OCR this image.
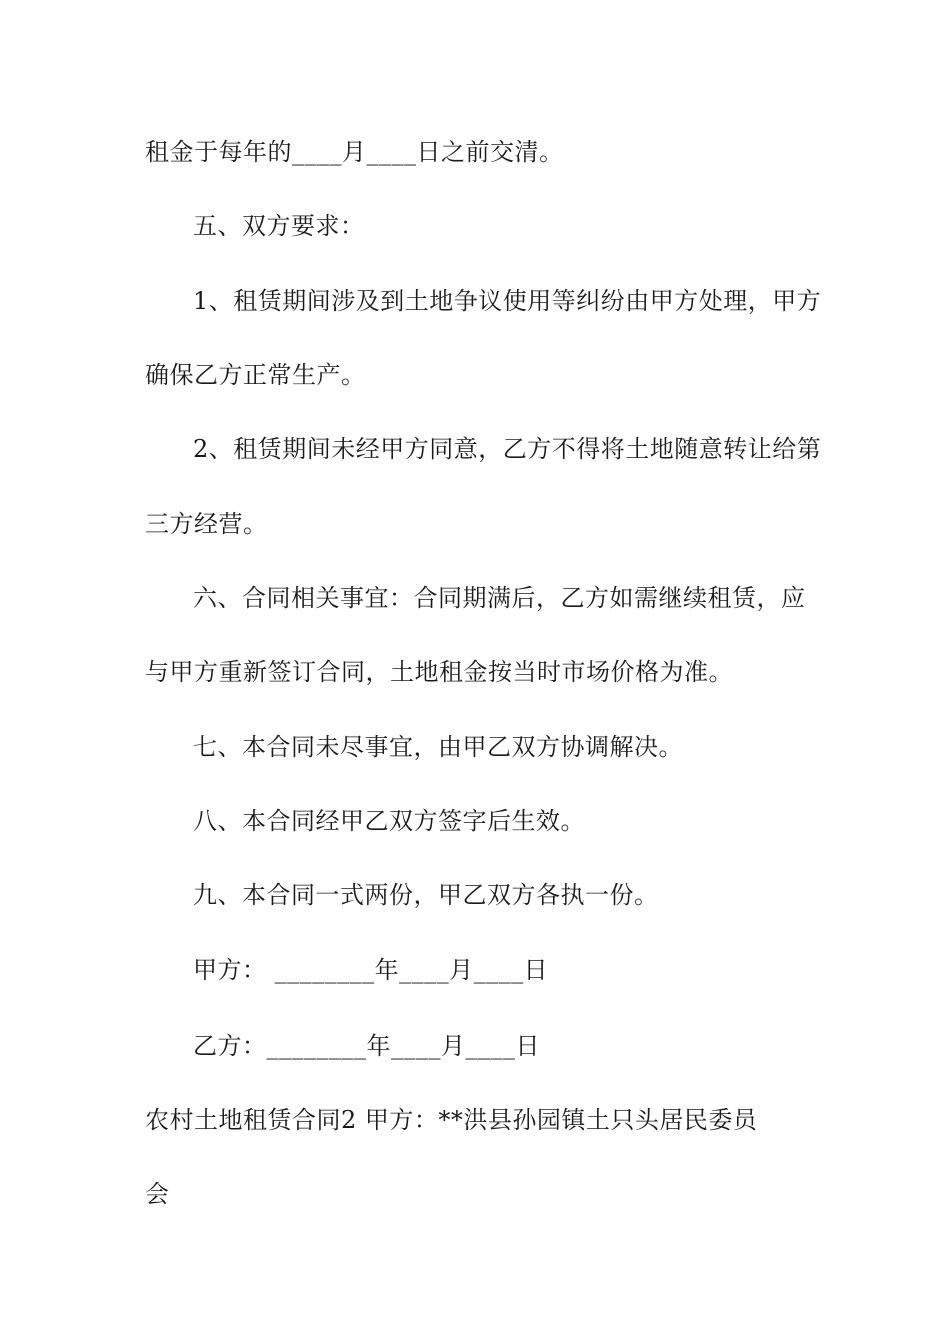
租金于每年的____月____日之前交清。

五、双方要求：

1、租赁期间涉及到土地争议使用等纠纷由甲方处理，甲方

确保乙方正常生产。

2、租赁期间未经甲方同意，乙方不得将土地随意转让给第

三方经营。

六、合同相关事宜：合同期满后，乙方如需继续租赁，应

与甲方重新签订合同，土地租金按当时市场价格为准。

七、本合同未尽事宜，由甲乙双方协调解决。

八、本合同经甲乙双方签字后生效。

九、本合同一式两份，甲乙双方各执一份。

甲方： ________年____月____日

乙方：________年____月____日

农村土地租赁合同2 甲方：**洪县孙园镇土只头居民委员

会
